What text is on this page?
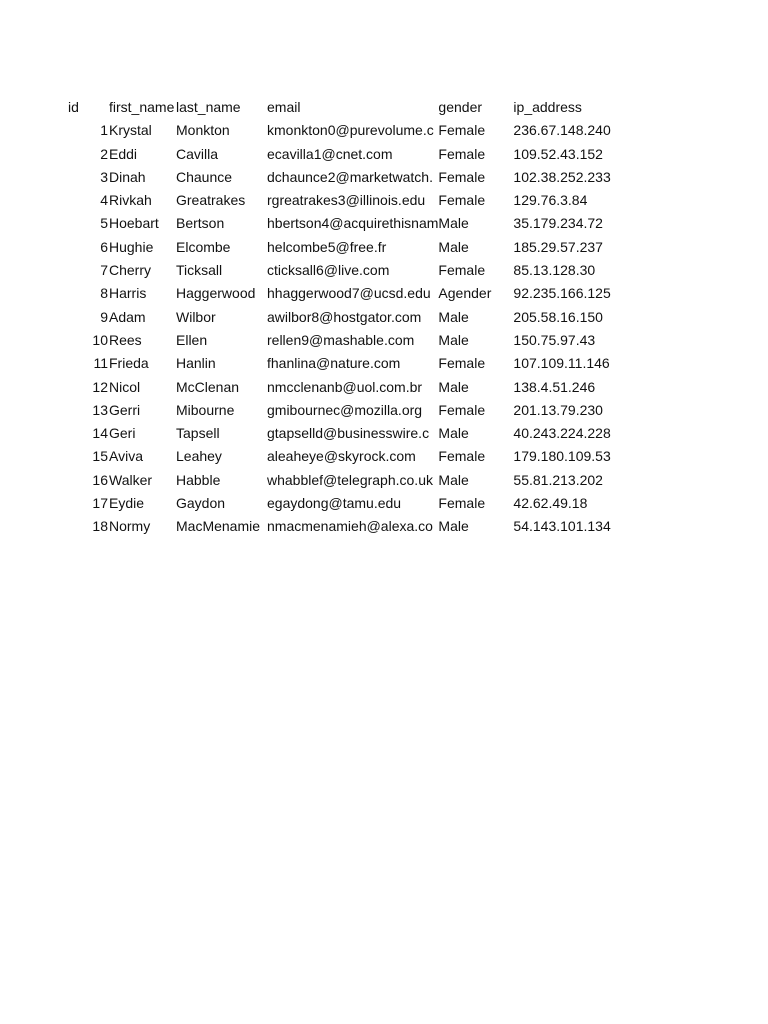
id	first_name	last_name	email	gender	ip_address
1	Krystal	Monkton	kmonkton0@purevolume.c	Female	236.67.148.240
2	Eddi	Cavilla	ecavilla1@cnet.com	Female	109.52.43.152
3	Dinah	Chaunce	dchaunce2@marketwatch.	Female	102.38.252.233
4	Rivkah	Greatrakes	rgreatrakes3@illinois.edu	Female	129.76.3.84
5	Hoebart	Bertson	hbertson4@acquirethisnam	Male	35.179.234.72
6	Hughie	Elcombe	helcombe5@free.fr	Male	185.29.57.237
7	Cherry	Ticksall	cticksall6@live.com	Female	85.13.128.30
8	Harris	Haggerwood	hhaggerwood7@ucsd.edu	Agender	92.235.166.125
9	Adam	Wilbor	awilbor8@hostgator.com	Male	205.58.16.150
10	Rees	Ellen	rellen9@mashable.com	Male	150.75.97.43
11	Frieda	Hanlin	fhanlina@nature.com	Female	107.109.11.146
12	Nicol	McClenan	nmcclenanb@uol.com.br	Male	138.4.51.246
13	Gerri	Mibourne	gmibournec@mozilla.org	Female	201.13.79.230
14	Geri	Tapsell	gtapselld@businesswire.c	Male	40.243.224.228
15	Aviva	Leahey	aleaheye@skyrock.com	Female	179.180.109.53
16	Walker	Habble	whabblef@telegraph.co.uk	Male	55.81.213.202
17	Eydie	Gaydon	egaydong@tamu.edu	Female	42.62.49.18
18	Normy	MacMenamie	nmacmenamieh@alexa.co	Male	54.143.101.134
